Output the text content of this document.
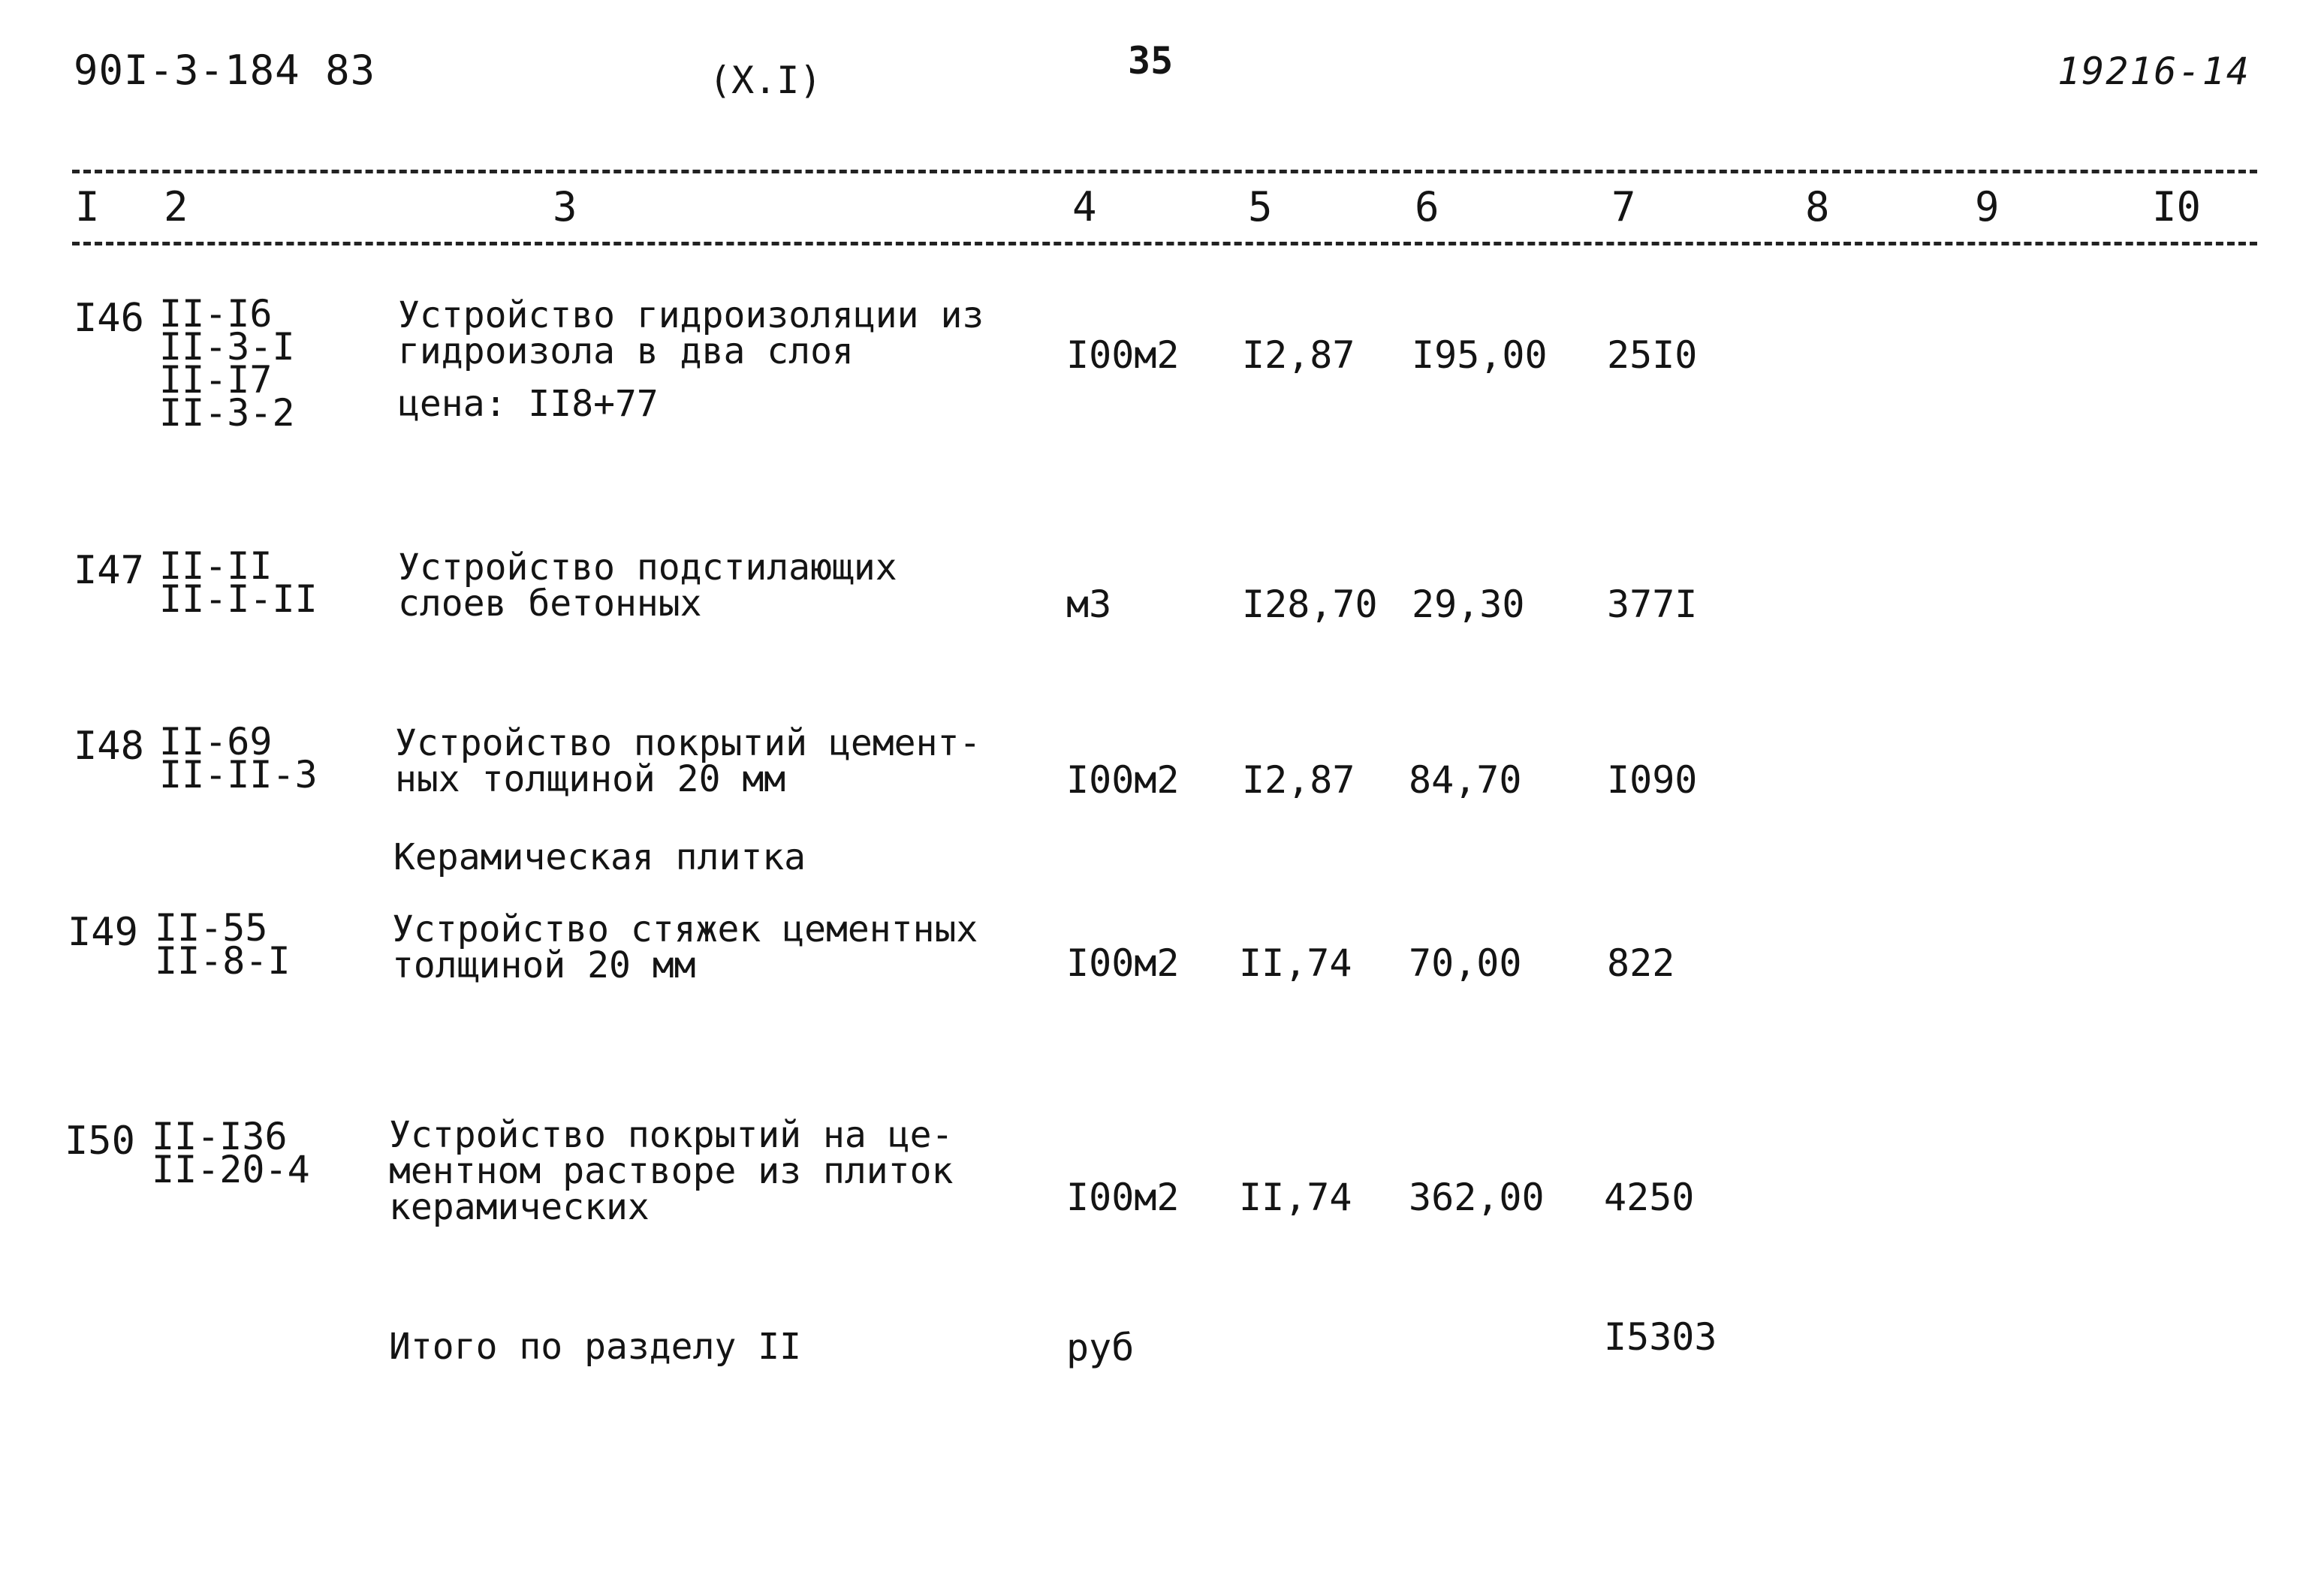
90I-3-184 83	(X.I)	35	19216-14
I 2	3	4	5	6	7	8	9	I0
I46 II-I6
II-3-I
II-I7
II-3-2
Устройство гидроизоляции из
гидроизола в два слоя
цена: II8+77
I00м2 I2,87 I95,00 25I0
I47 II-II
II-I-II
Устройство подстилающих
слоев бетонных	м3	I28,70 29,30 377I
I48 II-69
II-II-3
Устройство покрытий цемент-
ных толщиной 20 мм	I00м2 I2,87 84,70 I090
Керамическая плитка
I49 II-55
II-8-I
Устройство стяжек цементных
толщиной 20 мм	I00м2 II,74 70,00 822
I50 II-I36
II-20-4
Устройство покрытий на це-
ментном растворе из плиток
керамических	I00м2 II,74 362,00 4250
Итого по разделу II	руб	I5303
